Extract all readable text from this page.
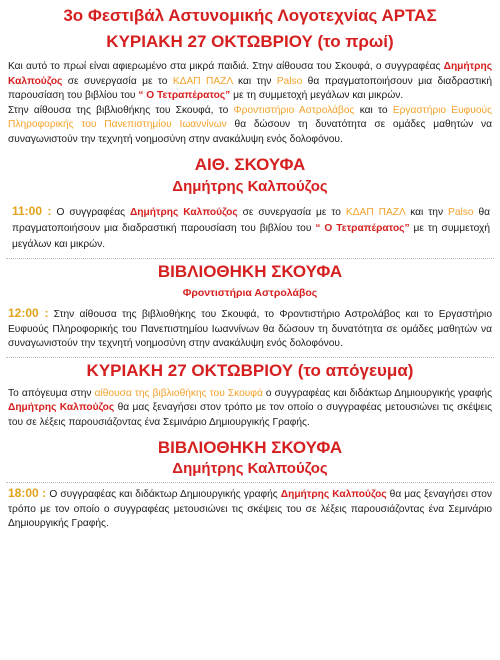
3ο Φεστιβάλ Αστυνομικής Λογοτεχνίας ΑΡΤΑΣ
ΚΥΡΙΑΚΗ 27 ΟΚΤΩΒΡΙΟΥ (το πρωί)

Και αυτό το πρωί είναι αφιερωμένο στα μικρά παιδιά. Στην αίθουσα του Σκουφά, ο συγγραφέας Δημήτρης Καλπούζος σε συνεργασία με το ΚΔΑΠ ΠΑΖΛ και την Palso θα πραγματοποιήσουν μια διαδραστική παρουσίαση του βιβλίου του “ Ο Τετραπέρατος” με τη συμμετοχή μεγάλων και μικρών.

Στην αίθουσα της βιβλιοθήκης του Σκουφά, το Φροντιστήριο Αστρολάβος και το Εργαστήριο Ευφυούς Πληροφορικής του Πανεπιστημίου Ιωαννίνων θα δώσουν τη δυνατότητα σε ομάδες μαθητών να συναγωνιστούν την τεχνητή νοημοσύνη στην ανακάλυψη ενός δολοφόνου.

ΑΙΘ. ΣΚΟΥΦΑ
Δημήτρης Καλπούζος

11:00 : Ο συγγραφέας Δημήτρης Καλπούζος σε συνεργασία με το ΚΔΑΠ ΠΑΖΛ και την Palso θα πραγματοποιήσουν μια διαδραστική παρουσίαση του βιβλίου του “ Ο Τετραπέρατος” με τη συμμετοχή μεγάλων και μικρών.

ΒΙΒΛΙΟΘΗΚΗ ΣΚΟΥΦΑ
Φροντιστήρια Αστρολάβος

12:00 : Στην αίθουσα της βιβλιοθήκης του Σκουφά, το Φροντιστήριο Αστρολάβος και το Εργαστήριο Ευφυούς Πληροφορικής του Πανεπιστημίου Ιωαννίνων θα δώσουν τη δυνατότητα σε ομάδες μαθητών να συναγωνιστούν την τεχνητή νοημοσύνη στην ανακάλυψη ενός δολοφόνου.

ΚΥΡΙΑΚΗ 27 ΟΚΤΩΒΡΙΟΥ (το απόγευμα)

Το απόγευμα στην αίθουσα της βιβλιοθήκης του Σκουφά ο συγγραφέας και διδάκτωρ Δημιουργικής γραφής Δημήτρης Καλπούζος θα μας ξεναγήσει στον τρόπο με τον οποίο ο συγγραφέας μετουσιώνει τις σκέψεις του σε λέξεις παρουσιάζοντας ένα Σεμινάριο Δημιουργικής Γραφής.

ΒΙΒΛΙΟΘΗΚΗ ΣΚΟΥΦΑ
Δημήτρης Καλπούζος

18:00 : Ο συγγραφέας και διδάκτωρ Δημιουργικής γραφής Δημήτρης Καλπούζος θα μας ξεναγήσει στον τρόπο με τον οποίο ο συγγραφέας μετουσιώνει τις σκέψεις του σε λέξεις παρουσιάζοντας ένα Σεμινάριο Δημιουργικής Γραφής.
